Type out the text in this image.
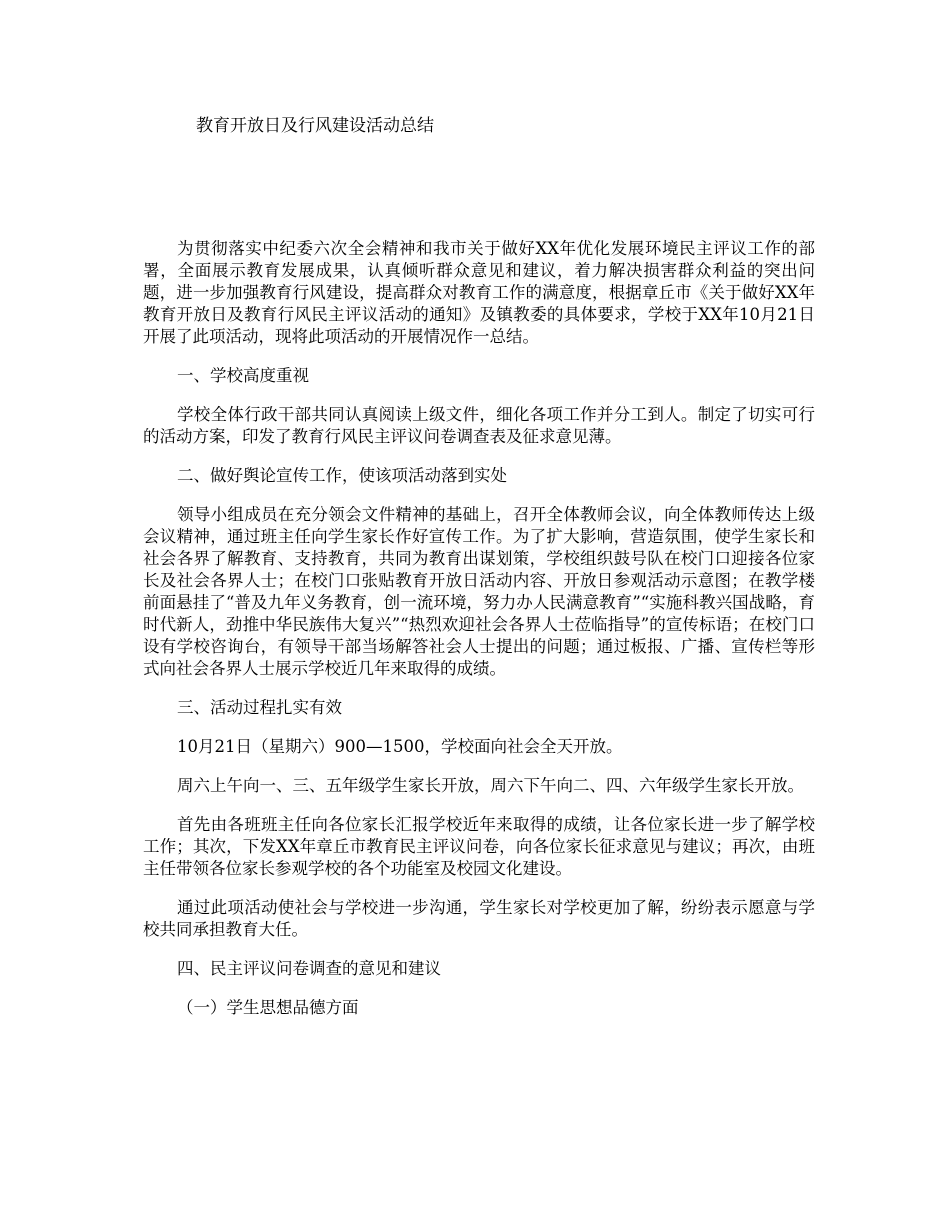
教育开放日及行风建设活动总结

为贯彻落实中纪委六次全会精神和我市关于做好XX年优化发展环境民主评议工作的部署，全面展示教育发展成果，认真倾听群众意见和建议，着力解决损害群众利益的突出问题，进一步加强教育行风建设，提高群众对教育工作的满意度，根据章丘市《关于做好XX年教育开放日及教育行风民主评议活动的通知》及镇教委的具体要求，学校于XX年10月21日开展了此项活动，现将此项活动的开展情况作一总结。

一、学校高度重视

学校全体行政干部共同认真阅读上级文件，细化各项工作并分工到人。制定了切实可行的活动方案，印发了教育行风民主评议问卷调查表及征求意见薄。

二、做好舆论宣传工作，使该项活动落到实处

领导小组成员在充分领会文件精神的基础上，召开全体教师会议，向全体教师传达上级会议精神，通过班主任向学生家长作好宣传工作。为了扩大影响，营造氛围，使学生家长和社会各界了解教育、支持教育，共同为教育出谋划策，学校组织鼓号队在校门口迎接各位家长及社会各界人士；在校门口张贴教育开放日活动内容、开放日参观活动示意图；在教学楼前面悬挂了“普及九年义务教育，创一流环境，努力办人民满意教育”“实施科教兴国战略，育时代新人，劲推中华民族伟大复兴”“热烈欢迎社会各界人士莅临指导”的宣传标语；在校门口设有学校咨询台，有领导干部当场解答社会人士提出的问题；通过板报、广播、宣传栏等形式向社会各界人士展示学校近几年来取得的成绩。

三、活动过程扎实有效

10月21日（星期六）900—1500，学校面向社会全天开放。

周六上午向一、三、五年级学生家长开放，周六下午向二、四、六年级学生家长开放。

首先由各班班主任向各位家长汇报学校近年来取得的成绩，让各位家长进一步了解学校工作；其次，下发XX年章丘市教育民主评议问卷，向各位家长征求意见与建议；再次，由班主任带领各位家长参观学校的各个功能室及校园文化建设。

通过此项活动使社会与学校进一步沟通，学生家长对学校更加了解，纷纷表示愿意与学校共同承担教育大任。

四、民主评议问卷调查的意见和建议

（一）学生思想品德方面
